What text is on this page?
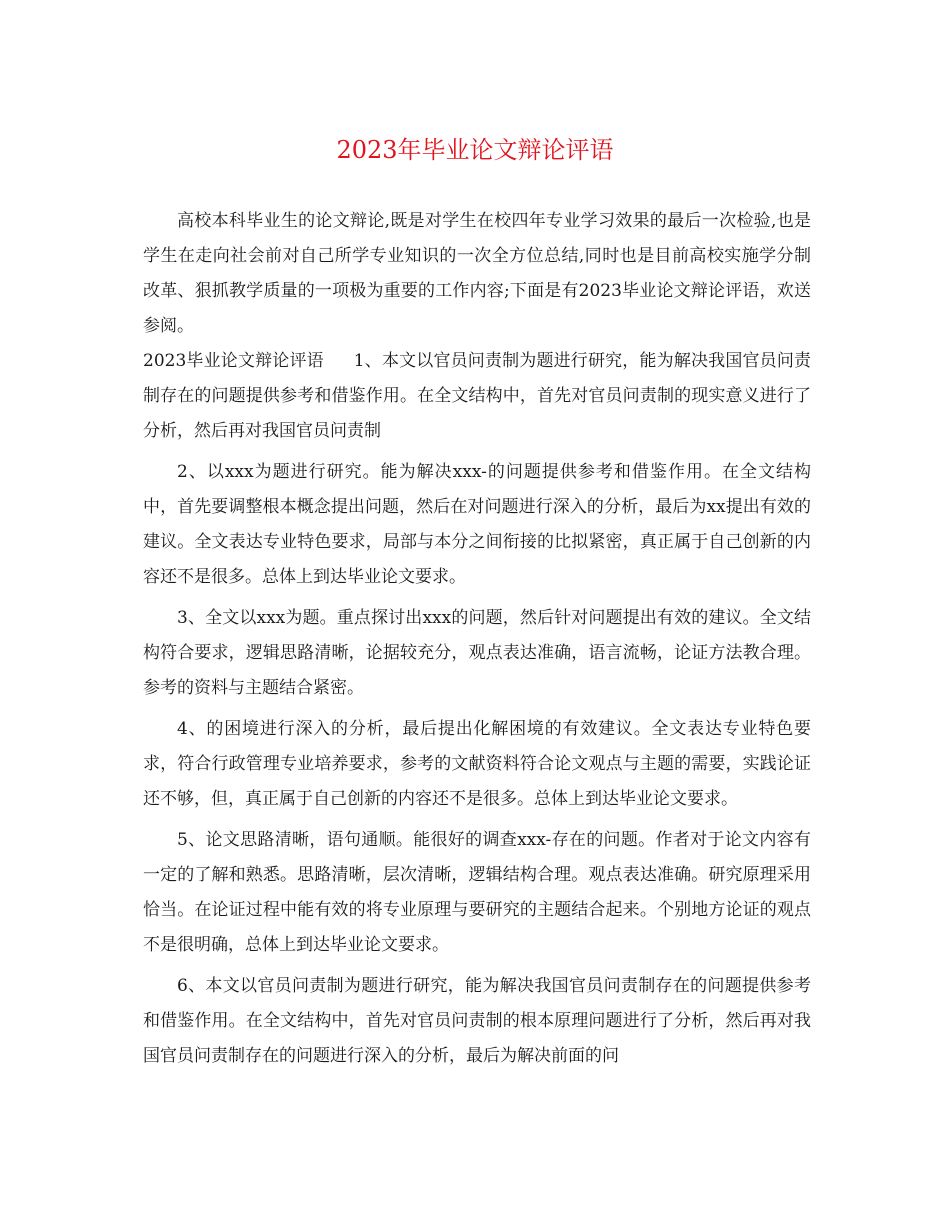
2023年毕业论文辩论评语

高校本科毕业生的论文辩论,既是对学生在校四年专业学习效果的最后一次检验,也是学生在走向社会前对自己所学专业知识的一次全方位总结,同时也是目前高校实施学分制改革、狠抓教学质量的一项极为重要的工作内容;下面是有2023毕业论文辩论评语，欢送参阅。

2023毕业论文辩论评语 1、本文以官员问责制为题进行研究，能为解决我国官员问责制存在的问题提供参考和借鉴作用。在全文结构中，首先对官员问责制的现实意义进行了分析，然后再对我国官员问责制

2、以xxx为题进行研究。能为解决xxx-的问题提供参考和借鉴作用。在全文结构中，首先要调整根本概念提出问题，然后在对问题进行深入的分析，最后为xx提出有效的建议。全文表达专业特色要求，局部与本分之间衔接的比拟紧密，真正属于自己创新的内容还不是很多。总体上到达毕业论文要求。

3、全文以xxx为题。重点探讨出xxx的问题，然后针对问题提出有效的建议。全文结构符合要求，逻辑思路清晰，论据较充分，观点表达准确，语言流畅，论证方法教合理。参考的资料与主题结合紧密。

4、的困境进行深入的分析，最后提出化解困境的有效建议。全文表达专业特色要求，符合行政管理专业培养要求，参考的文献资料符合论文观点与主题的需要，实践论证还不够，但，真正属于自己创新的内容还不是很多。总体上到达毕业论文要求。

5、论文思路清晰，语句通顺。能很好的调查xxx-存在的问题。作者对于论文内容有一定的了解和熟悉。思路清晰，层次清晰，逻辑结构合理。观点表达准确。研究原理采用恰当。在论证过程中能有效的将专业原理与要研究的主题结合起来。个别地方论证的观点不是很明确，总体上到达毕业论文要求。

6、本文以官员问责制为题进行研究，能为解决我国官员问责制存在的问题提供参考和借鉴作用。在全文结构中，首先对官员问责制的根本原理问题进行了分析，然后再对我国官员问责制存在的问题进行深入的分析，最后为解决前面的问
